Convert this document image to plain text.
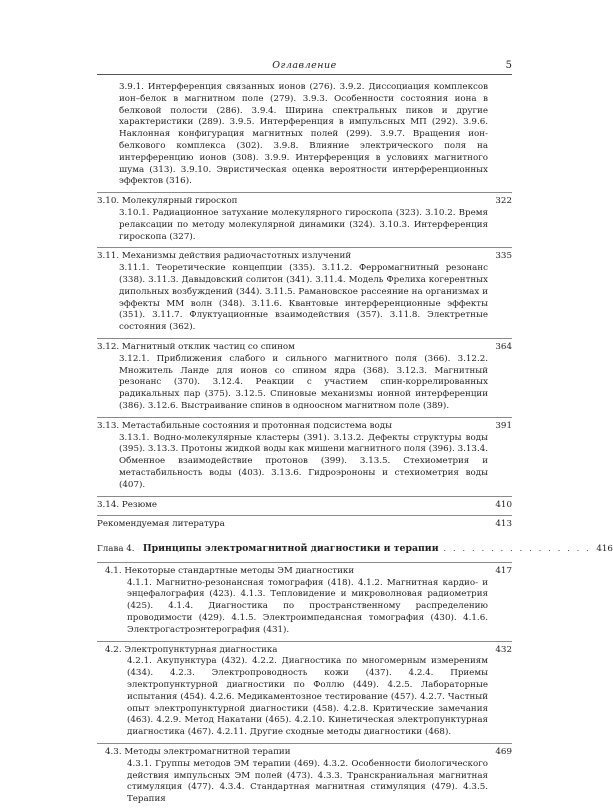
Оглавление	5
3.9.1. Интерференция связанных ионов (276). 3.9.2. Диссоциация комплексов ион–белок в магнитном поле (279). 3.9.3. Особенности состояния иона в белковой полости (286). 3.9.4. Ширина спектральных пиков и другие характеристики (289). 3.9.5. Интерференция в импульсных МП (292). 3.9.6. Наклонная конфигурация магнитных полей (299). 3.9.7. Вращения ион-белкового комплекса (302). 3.9.8. Влияние электрического поля на интерференцию ионов (308). 3.9.9. Интерференция в условиях магнитного шума (313). 3.9.10. Эвристическая оценка вероятности интерференционных эффектов (316).
3.10. Молекулярный гироскоп	322
3.10.1. Радиационное затухание молекулярного гироскопа (323). 3.10.2. Время релаксации по методу молекулярной динамики (324). 3.10.3. Интерференция гироскопа (327).
3.11. Механизмы действия радиочастотных излучений	335
3.11.1. Теоретические концепции (335). 3.11.2. Ферромагнитный резонанс (338). 3.11.3. Давыдовский солитон (341). 3.11.4. Модель Фрелиха когерентных дипольных возбуждений (344). 3.11.5. Рамановское рассеяние на организмах и эффекты ММ волн (348). 3.11.6. Квантовые интерференционные эффекты (351). 3.11.7. Флуктуационные взаимодействия (357). 3.11.8. Электретные состояния (362).
3.12. Магнитный отклик частиц со спином	364
3.12.1. Приближения слабого и сильного магнитного поля (366). 3.12.2. Множитель Ланде для ионов со спином ядра (368). 3.12.3. Магнитный резонанс (370). 3.12.4. Реакции с участием спин-коррелированных радикальных пар (375). 3.12.5. Спиновые механизмы ионной интерференции (386). 3.12.6. Выстраивание спинов в одноосном магнитном поле (389).
3.13. Метастабильные состояния и протонная подсистема воды	391
3.13.1. Водно-молекулярные кластеры (391). 3.13.2. Дефекты структуры воды (395). 3.13.3. Протоны жидкой воды как мишени магнитного поля (396). 3.13.4. Обменное взаимодействие протонов (399). 3.13.5. Стехиометрия и метастабильность воды (403). 3.13.6. Гидроэрононы и стехиометрия воды (407).
3.14. Резюме	410
Рекомендуемая литература	413
Глава 4. Принципы электромагнитной диагностики и терапии . . . . . . . . . . . . . . . . 416
4.1. Некоторые стандартные методы ЭМ диагностики	417
4.1.1. Магнитно-резонансная томография (418). 4.1.2. Магнитная кардио- и энцефалография (423). 4.1.3. Тепловидение и микроволновая радиометрия (425). 4.1.4. Диагностика по пространственному распределению проводимости (429). 4.1.5. Электроимпедансная томография (430). 4.1.6. Электрогастроэнтерография (431).
4.2. Электропунктурная диагностика	432
4.2.1. Акупунктура (432). 4.2.2. Диагностика по многомерным измерениям (434). 4.2.3. Электропроводность кожи (437). 4.2.4. Приемы электропунктурной диагностики по Фоллю (449). 4.2.5. Лабораторные испытания (454). 4.2.6. Медикаментозное тестирование (457). 4.2.7. Частный опыт электропунктурной диагностики (458). 4.2.8. Критические замечания (463). 4.2.9. Метод Накатани (465). 4.2.10. Кинетическая электропунктурная диагностика (467). 4.2.11. Другие сходные методы диагностики (468).
4.3. Методы электромагнитной терапии	469
4.3.1. Группы методов ЭМ терапии (469). 4.3.2. Особенности биологического действия импульсных ЭМ полей (473). 4.3.3. Транскраниальная магнитная стимуляция (477). 4.3.4. Стандартная магнитная стимуляция (479). 4.3.5. Терапия
